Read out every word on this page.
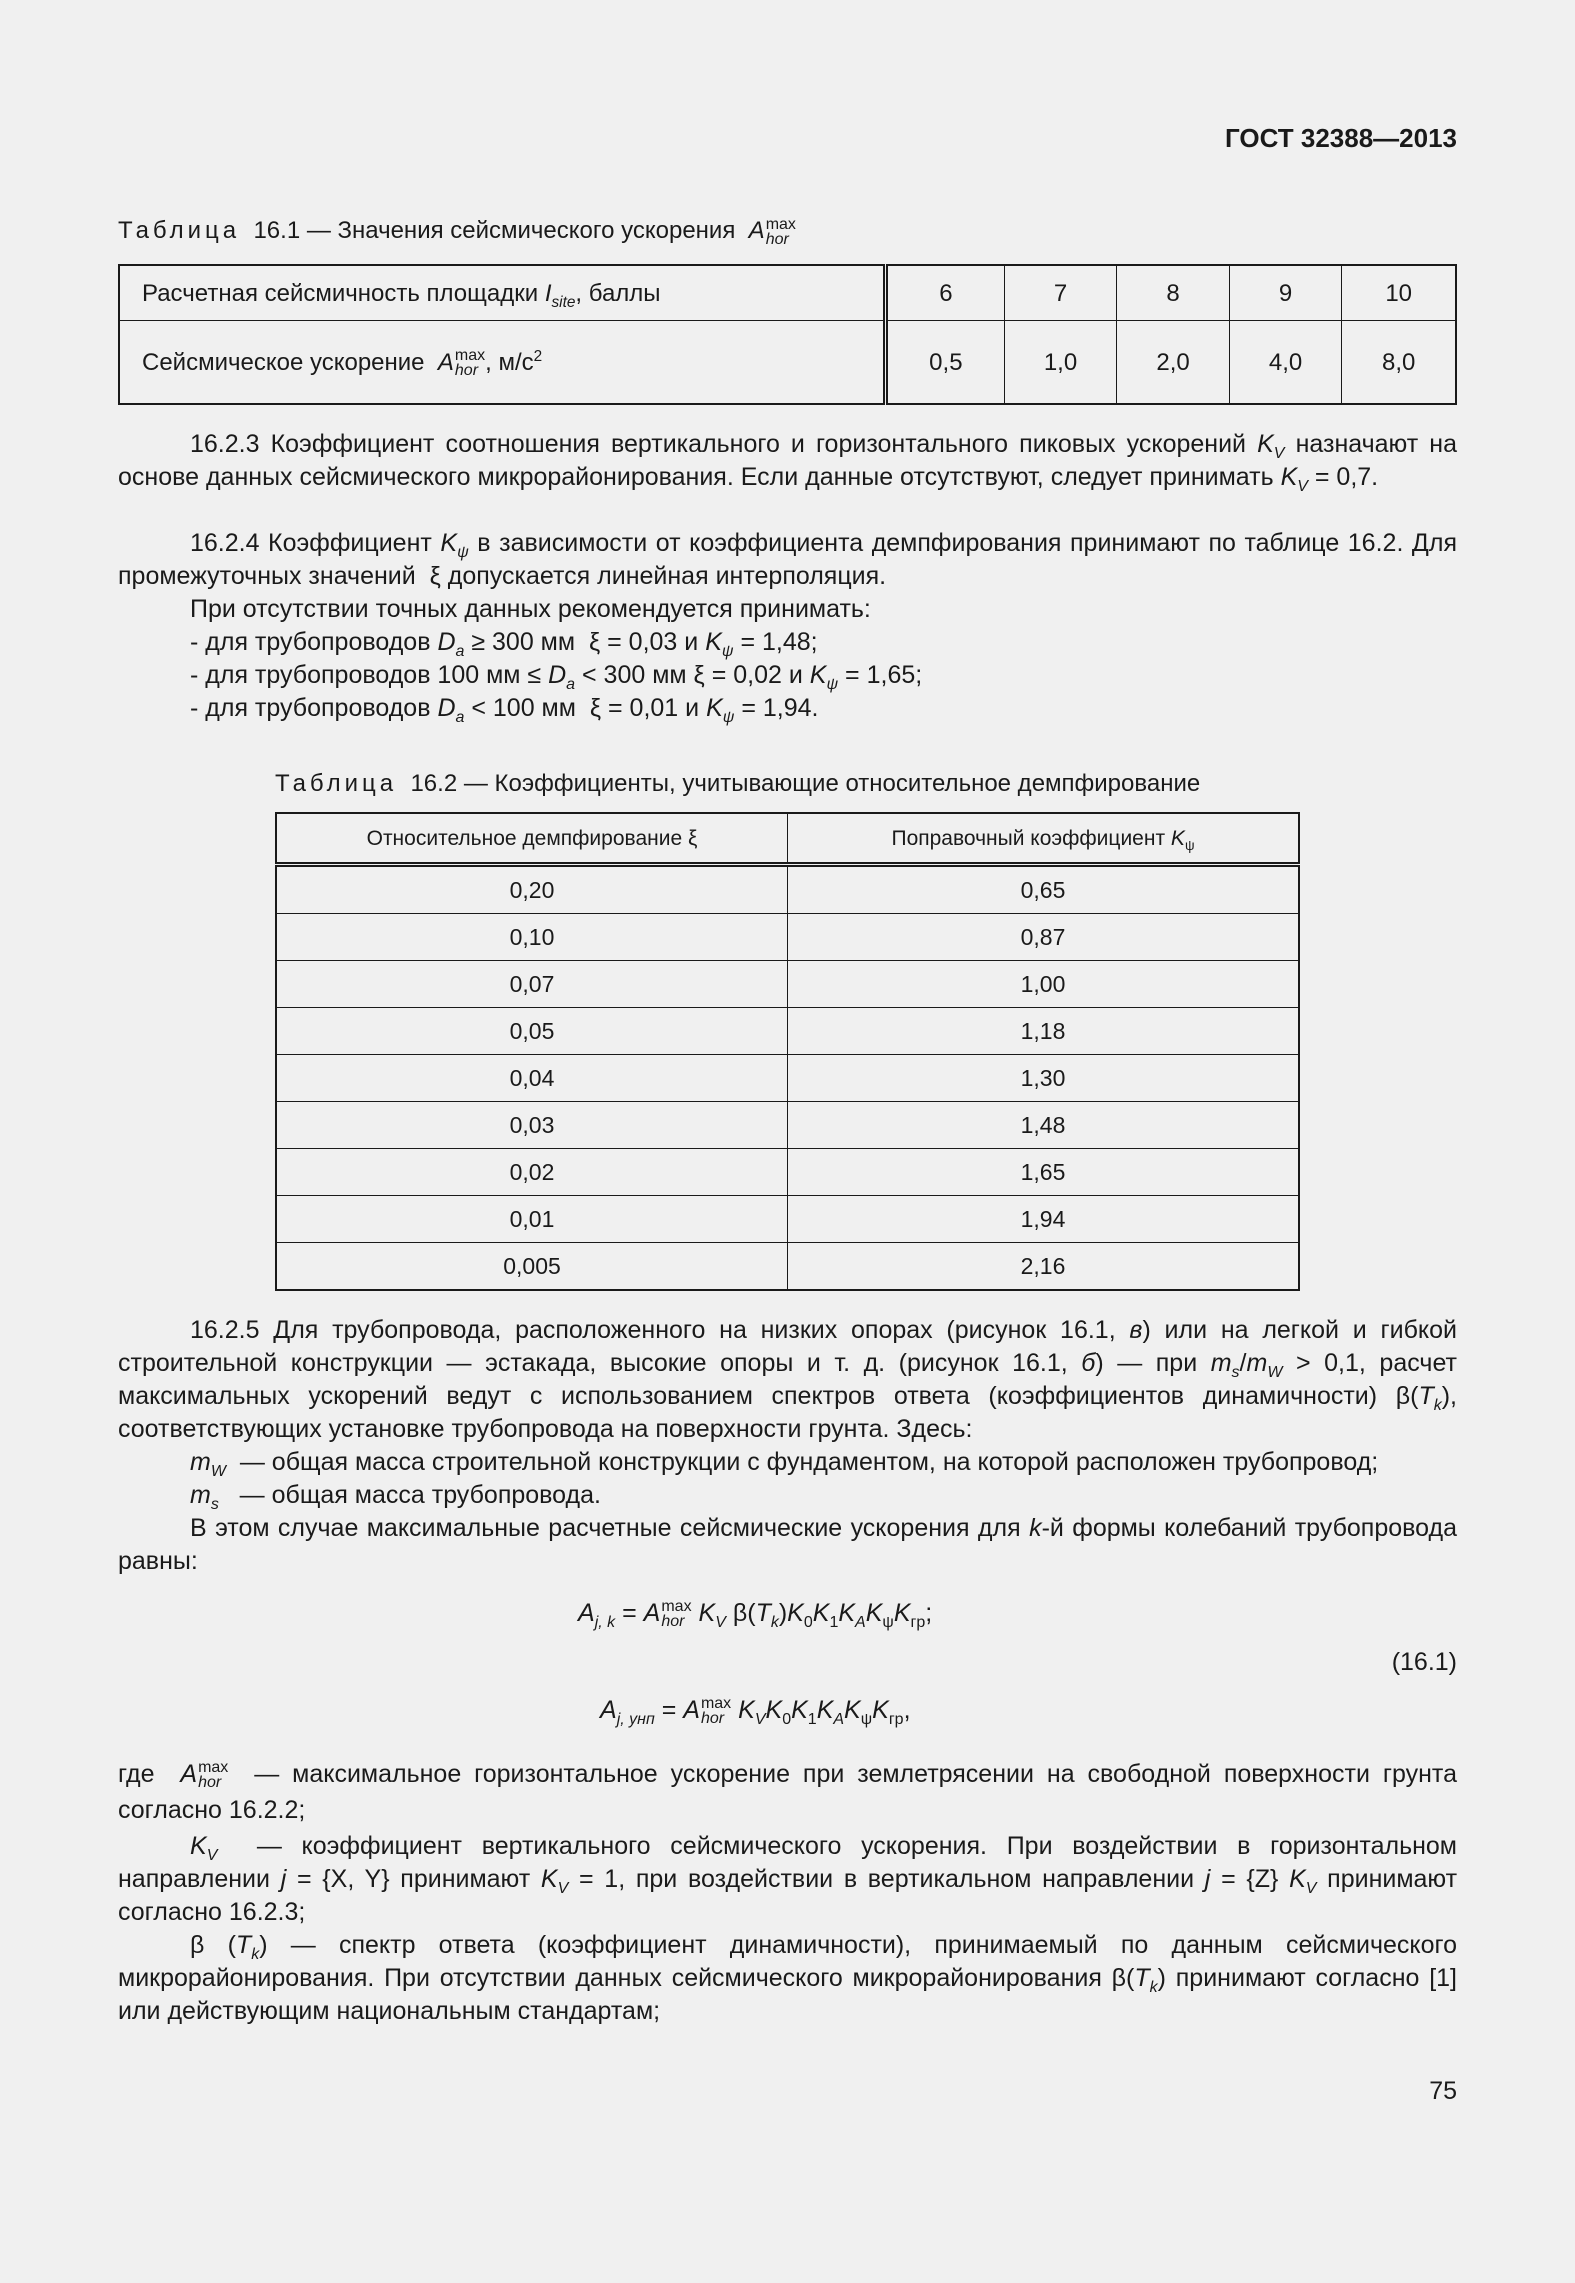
ГОСТ 32388—2013
Таблица 16.1 — Значения сейсмического ускорения A max
hor
Расчетная сейсмичность площадки $I_{site}$, баллы	6	7	8	9	10
Сейсмическое ускорение A max
hor , $м/с^2$	0,5	1,0	2,0	4,0	8,0

16.2.3 Коэффициент соотношения вертикального и горизонтального пиковых ускорений $K_V$ назначают на основе данных сейсмического микрорайонирования. Если данные отсутствуют, следует принимать $K_V = 0,7$.

16.2.4 Коэффициент $K_\psi$ в зависимости от коэффициента демпфирования принимают по таблице 16.2. Для промежуточных значений ξ допускается линейная интерполяция.

При отсутствии точных данных рекомендуется принимать:

- для трубопроводов $D_a \ge 300$ мм ξ = 0,03 и $K_\psi = 1,48$;

- для трубопроводов 100 мм ≤ $D_a < 300$ мм ξ = 0,02 и $K_\psi = 1,65$;

- для трубопроводов $D_a < 100$ мм ξ = 0,01 и $K_\psi = 1,94$.

Таблица 16.2 — Коэффициенты, учитывающие относительное демпфирование
Относительное демпфирование ξ	Поправочный коэффициент $K_\psi$
0,20	0,65
0,10	0,87
0,07	1,00
0,05	1,18
0,04	1,30
0,03	1,48
0,02	1,65
0,01	1,94
0,005	2,16

16.2.5 Для трубопровода, расположенного на низких опорах (рисунок 16.1, в) или на легкой и гибкой строительной конструкции — эстакада, высокие опоры и т. д. (рисунок 16.1, б) — при $m_s/m_W > 0,1$, расчет максимальных ускорений ведут с использованием спектров ответа (коэффициентов динамичности) $\beta(T_k)$, соответствующих установке трубопровода на поверхности грунта. Здесь:

$m_W$ — общая масса строительной конструкции с фундаментом, на которой расположен трубопровод;

$m_s$ — общая масса трубопровода.

В этом случае максимальные расчетные сейсмические ускорения для k-й формы колебаний трубопровода равны:

$A_{j, k} = A$ max
hor $K_V$ $\beta(T_k)K_0K_1K_AK_\psi K_{гр}$;
(16.1)
$A_{j, унп} = A$ max
hor $K_VK_0K_1K_AK_\psi K_{гр}$,

где A max
hor — максимальное горизонтальное ускорение при землетрясении на свободной поверхности грунта согласно 16.2.2;

$K_V$ — коэффициент вертикального сейсмического ускорения. При воздействии в горизонтальном направлении j = {X, Y} принимают $K_V = 1$, при воздействии в вертикальном направлении j = {Z} $K_V$ принимают согласно 16.2.3;

β $(T_k)$ — спектр ответа (коэффициент динамичности), принимаемый по данным сейсмического микрорайонирования. При отсутствии данных сейсмического микрорайонирования $\beta(T_k)$ принимают согласно [1] или действующим национальным стандартам;

75
